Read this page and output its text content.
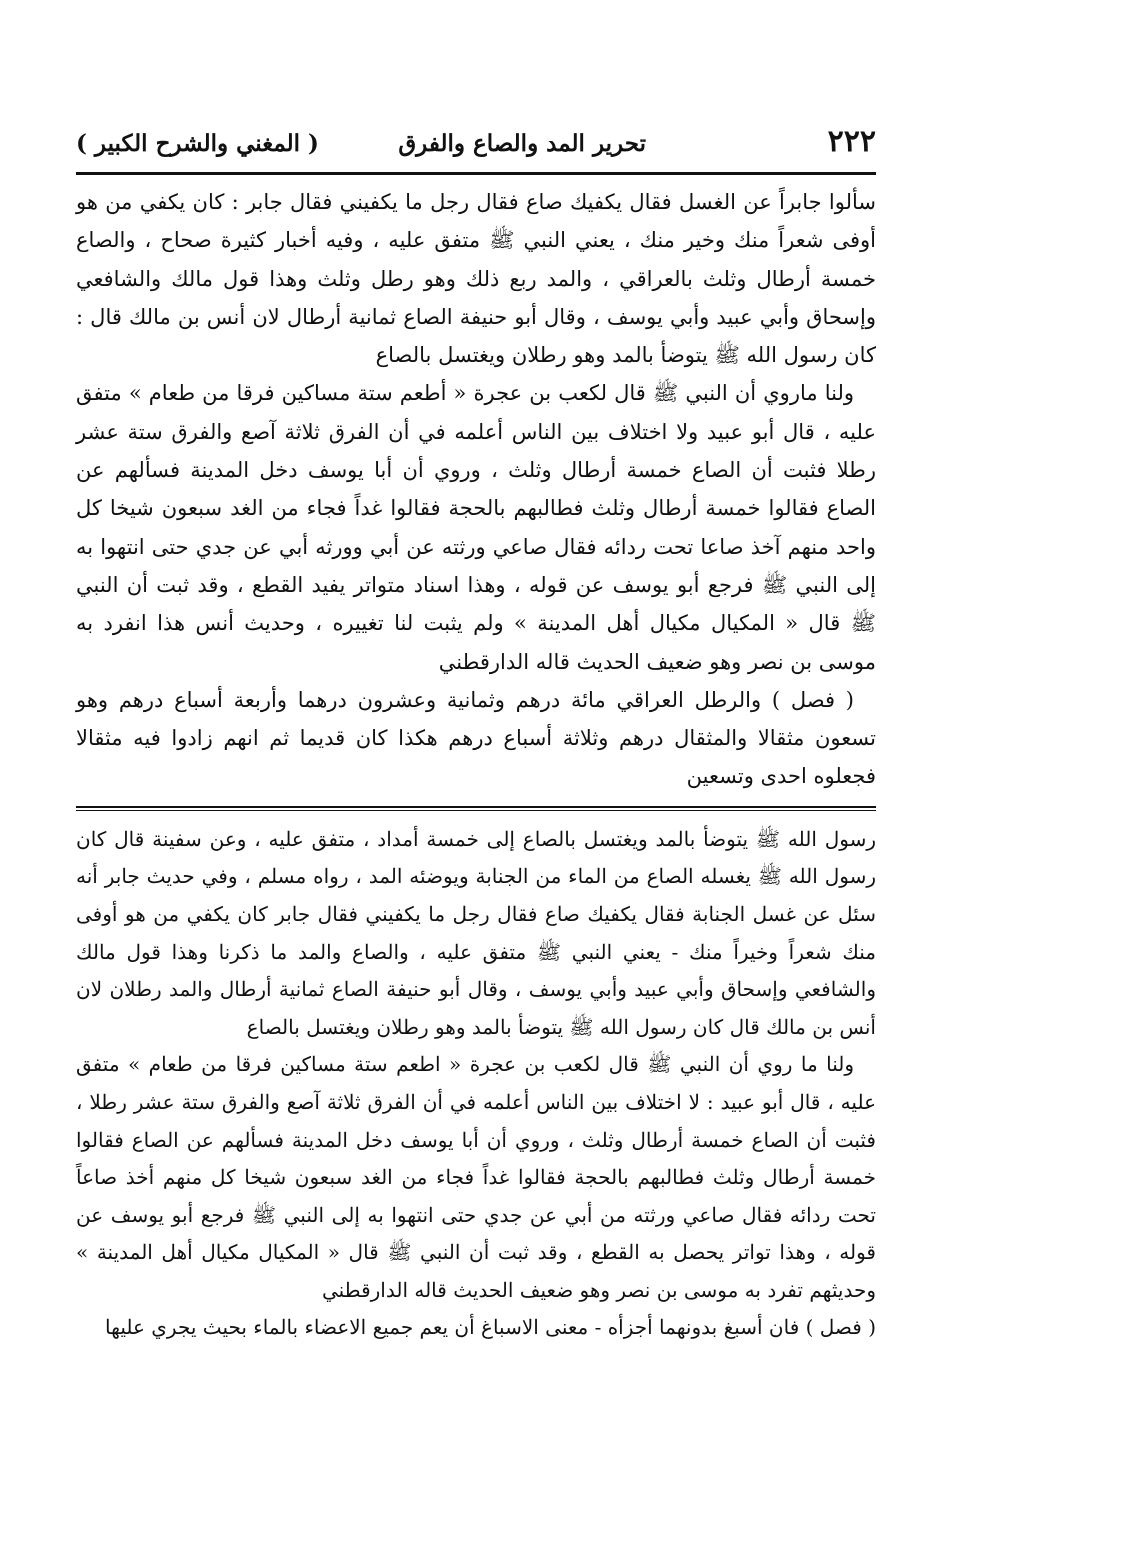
٢٢٢
تحرير المد والصاع والفرق
( المغني والشرح الكبير )

سألوا جابراً عن الغسل فقال يكفيك صاع فقال رجل ما يكفيني فقال جابر : كان يكفي من هو أوفى شعراً منك وخير منك ، يعني النبي ﷺ متفق عليه ، وفيه أخبار كثيرة صحاح ، والصاع خمسة أرطال وثلث بالعراقي ، والمد ربع ذلك وهو رطل وثلث وهذا قول مالك والشافعي وإسحاق وأبي عبيد وأبي يوسف ، وقال أبو حنيفة الصاع ثمانية أرطال لان أنس بن مالك قال : كان رسول الله ﷺ يتوضأ بالمد وهو رطلان ويغتسل بالصاع

ولنا ماروي أن النبي ﷺ قال لكعب بن عجرة « أطعم ستة مساكين فرقا من طعام » متفق عليه ، قال أبو عبيد ولا اختلاف بين الناس أعلمه في أن الفرق ثلاثة آصع والفرق ستة عشر رطلا فثبت أن الصاع خمسة أرطال وثلث ، وروي أن أبا يوسف دخل المدينة فسألهم عن الصاع فقالوا خمسة أرطال وثلث فطالبهم بالحجة فقالوا غداً فجاء من الغد سبعون شيخا كل واحد منهم آخذ صاعا تحت ردائه فقال صاعي ورثته عن أبي وورثه أبي عن جدي حتى انتهوا به إلى النبي ﷺ فرجع أبو يوسف عن قوله ، وهذا اسناد متواتر يفيد القطع ، وقد ثبت أن النبي ﷺ قال « المكيال مكيال أهل المدينة » ولم يثبت لنا تغييره ، وحديث أنس هذا انفرد به موسى بن نصر وهو ضعيف الحديث قاله الدارقطني

( فصل ) والرطل العراقي مائة درهم وثمانية وعشرون درهما وأربعة أسباع درهم وهو تسعون مثقالا والمثقال درهم وثلاثة أسباع درهم هكذا كان قديما ثم انهم زادوا فيه مثقالا فجعلوه احدى وتسعين

رسول الله ﷺ يتوضأ بالمد ويغتسل بالصاع إلى خمسة أمداد ، متفق عليه ، وعن سفينة قال كان رسول الله ﷺ يغسله الصاع من الماء من الجنابة ويوضئه المد ، رواه مسلم ، وفي حديث جابر أنه سئل عن غسل الجنابة فقال يكفيك صاع فقال رجل ما يكفيني فقال جابر كان يكفي من هو أوفى منك شعراً وخيراً منك - يعني النبي ﷺ متفق عليه ، والصاع والمد ما ذكرنا وهذا قول مالك والشافعي وإسحاق وأبي عبيد وأبي يوسف ، وقال أبو حنيفة الصاع ثمانية أرطال والمد رطلان لان أنس بن مالك قال كان رسول الله ﷺ يتوضأ بالمد وهو رطلان ويغتسل بالصاع

ولنا ما روي أن النبي ﷺ قال لكعب بن عجرة « اطعم ستة مساكين فرقا من طعام » متفق عليه ، قال أبو عبيد : لا اختلاف بين الناس أعلمه في أن الفرق ثلاثة آصع والفرق ستة عشر رطلا ، فثبت أن الصاع خمسة أرطال وثلث ، وروي أن أبا يوسف دخل المدينة فسألهم عن الصاع فقالوا خمسة أرطال وثلث فطالبهم بالحجة فقالوا غداً فجاء من الغد سبعون شيخا كل منهم أخذ صاعاً تحت ردائه فقال صاعي ورثته من أبي عن جدي حتى انتهوا به إلى النبي ﷺ فرجع أبو يوسف عن قوله ، وهذا تواتر يحصل به القطع ، وقد ثبت أن النبي ﷺ قال « المكيال مكيال أهل المدينة » وحديثهم تفرد به موسى بن نصر وهو ضعيف الحديث قاله الدارقطني

( فصل ) فان أسبغ بدونهما أجزأه - معنى الاسباغ أن يعم جميع الاعضاء بالماء بحيث يجري عليها
